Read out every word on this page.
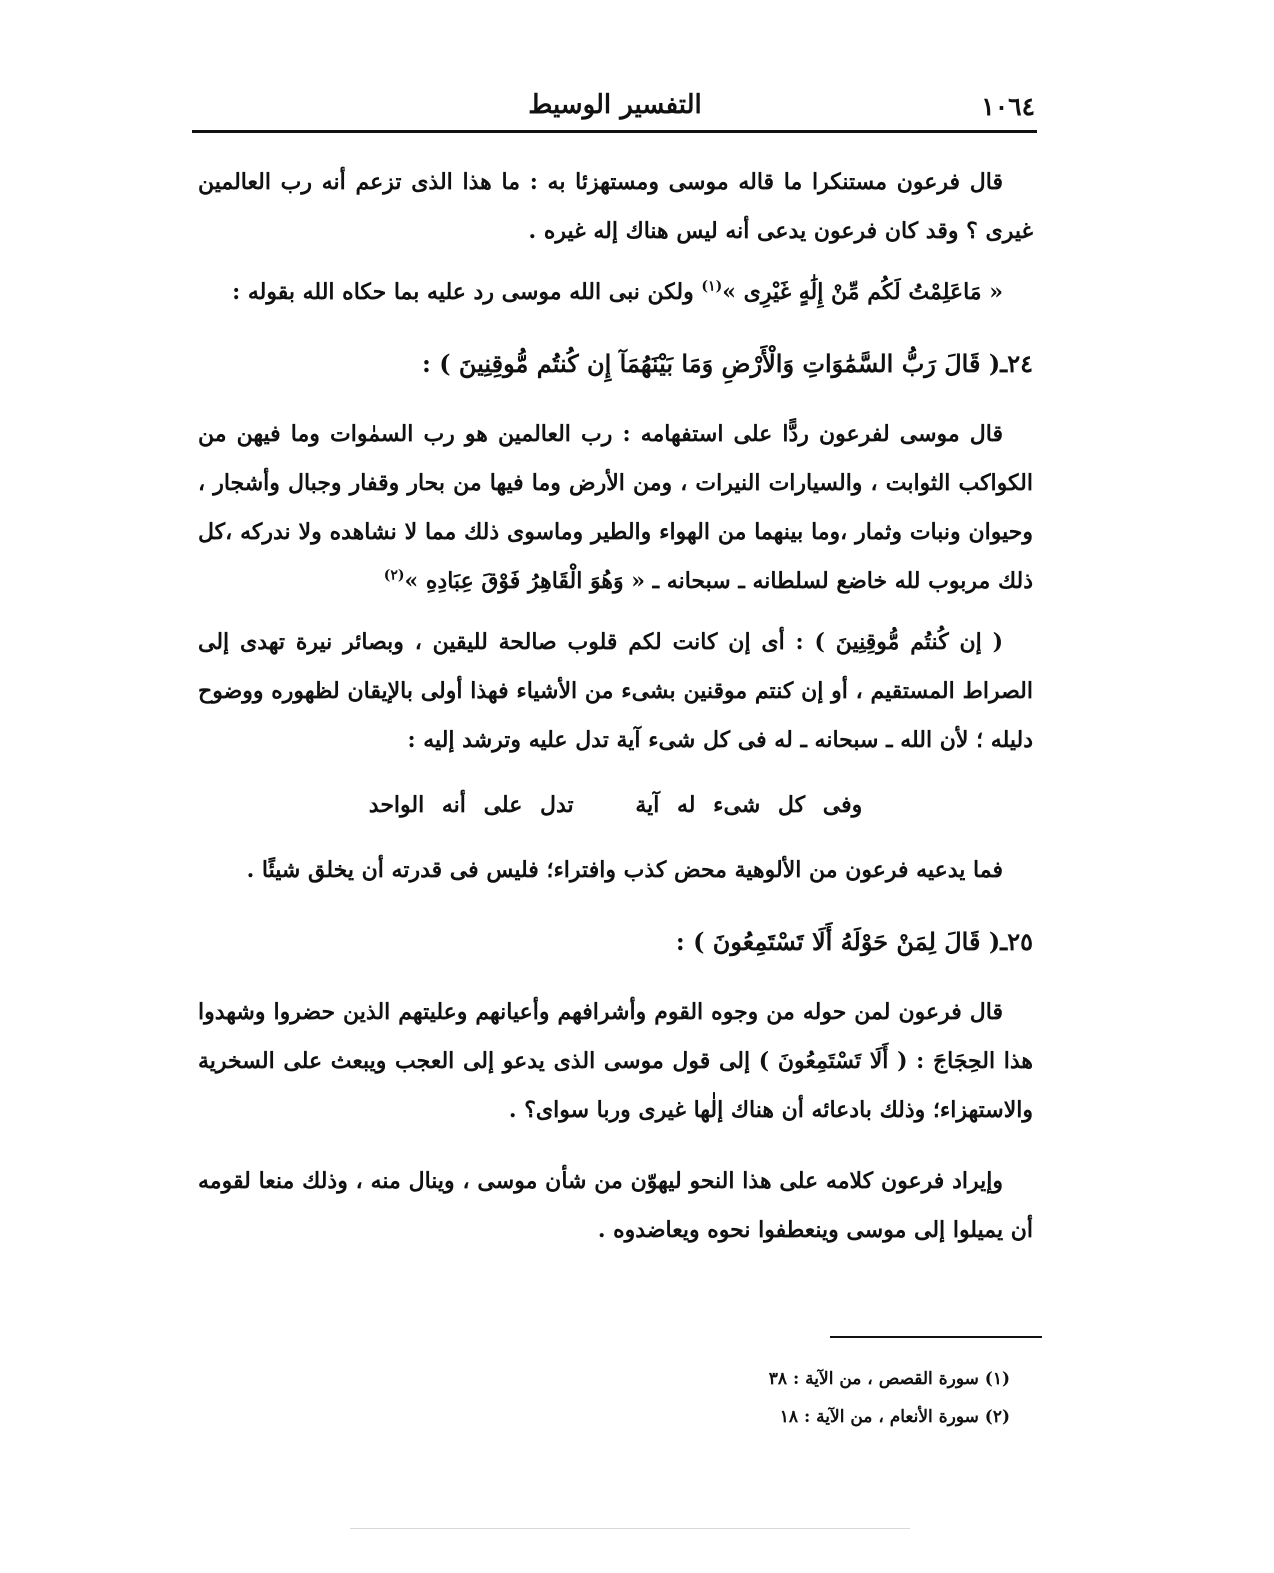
١٠٦٤
التفسير الوسيط

قال فرعون مستنكرا ما قاله موسى ومستهزئا به : ما هذا الذى تزعم أنه رب العالمين غيرى ؟ وقد كان فرعون يدعى أنه ليس هناك إله غيره .

« مَاعَلِمْتُ لَكُم مِّنْ إِلَٰهٍ غَيْرِى »$^{(١)}$ ولكن نبى الله موسى رد عليه بما حكاه الله بقوله :

٢٤ـ( قَالَ رَبُّ السَّمَٰوَاتِ وَالْأَرْضِ وَمَا بَيْنَهُمَآ إِن كُنتُم مُّوقِنِينَ ) :

قال موسى لفرعون ردًّا على استفهامه : رب العالمين هو رب السمٰوات وما فيهن من الكواكب الثوابت ، والسيارات النيرات ، ومن الأرض وما فيها من بحار وقفار وجبال وأشجار ، وحيوان ونبات وثمار ،وما بينهما من الهواء والطير وماسوى ذلك مما لا نشاهده ولا ندركه ،كل ذلك مربوب لله خاضع لسلطانه ـ سبحانه ـ « وَهُوَ الْقَاهِرُ فَوْقَ عِبَادِهِ »$^{(٢)}$

( إن كُنتُم مُّوقِنِينَ ) : أى إن كانت لكم قلوب صالحة لليقين ، وبصائر نيرة تهدى إلى الصراط المستقيم ، أو إن كنتم موقنين بشىء من الأشياء فهذا أولى بالإيقان لظهوره ووضوح دليله ؛ لأن الله ـ سبحانه ـ له فى كل شىء آية تدل عليه وترشد إليه :

وفى كل شىء له آية تدل على أنه الواحد

فما يدعيه فرعون من الألوهية محض كذب وافتراء؛ فليس فى قدرته أن يخلق شيئًا .

٢٥ـ( قَالَ لِمَنْ حَوْلَهُ أَلَا تَسْتَمِعُونَ ) :

قال فرعون لمن حوله من وجوه القوم وأشرافهم وأعيانهم وعليتهم الذين حضروا وشهدوا هذا الحِجَاجَ : ( أَلَا تَسْتَمِعُونَ ) إلى قول موسى الذى يدعو إلى العجب ويبعث على السخرية والاستهزاء؛ وذلك بادعائه أن هناك إلٰها غيرى وربا سواى؟ .

وإيراد فرعون كلامه على هذا النحو ليهوّن من شأن موسى ، وينال منه ، وذلك منعا لقومه أن يميلوا إلى موسى وينعطفوا نحوه ويعاضدوه .

(١) سورة القصص ، من الآية : ٣٨
(٢) سورة الأنعام ، من الآية : ١٨
